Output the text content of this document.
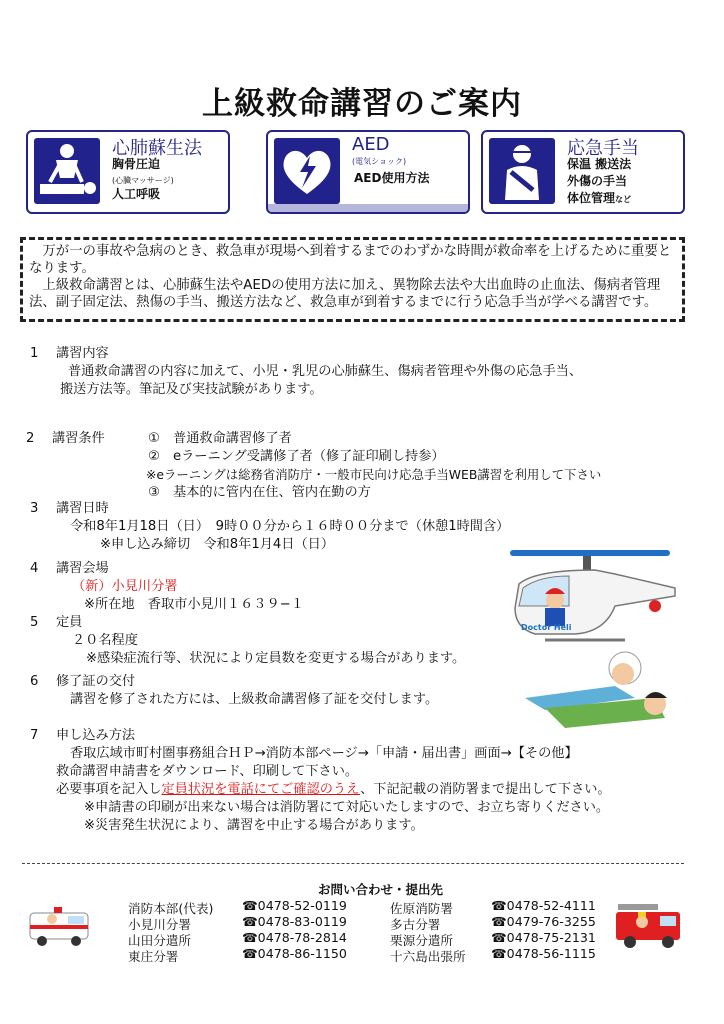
上級救命講習のご案内
心肺蘇生法
胸骨圧迫
(心臓マッサージ)
人工呼吸
AED
(電気ショック)
AED使用方法
応急手当
保温 搬送法
外傷の手当
体位管理など

万が一の事故や急病のとき、救急車が現場へ到着するまでのわずかな時間が救命率を上げるために重要となります。

上級救命講習とは、心肺蘇生法やAEDの使用方法に加え、異物除去法や大出血時の止血法、傷病者管理法、副子固定法、熱傷の手当、搬送方法など、救急車が到着するまでに行う応急手当が学べる講習です。

1 講習内容
普通救命講習の内容に加えて、小児・乳児の心肺蘇生、傷病者管理や外傷の応急手当、
搬送方法等。筆記及び実技試験があります。
2 講習条件	①　普通救命講習修了者
②　eラーニング受講修了者（修了証印刷し持参）
※eラーニングは総務省消防庁・一般市民向け応急手当WEB講習を利用して下さい
③　基本的に管内在住、管内在勤の方
3 講習日時
令和8年1月18日（日）　9時００分から１６時００分まで（休憩1時間含）
※申し込み締切　令和8年1月4日（日）
4 講習会場
（新）小見川分署
※所在地　香取市小見川１６３９−１
5 定員
２０名程度
※感染症流行等、状況により定員数を変更する場合があります。
6 修了証の交付
講習を修了された方には、上級救命講習修了証を交付します。
Doctor Heli
7 申し込み方法
香取広域市町村圏事務組合ＨＰ→消防本部ページ→「申請・届出書」画面→【その他】
救命講習申請書をダウンロード、印刷して下さい。
必要事項を記入し定員状況を電話にてご確認のうえ、下記記載の消防署まで提出して下さい。
※申請書の印刷が出来ない場合は消防署にて対応いたしますので、お立ち寄りください。
※災害発生状況により、講習を中止する場合があります。
お問い合わせ・提出先
消防本部(代表) ☎0478-52-0119
小見川分署	☎0478-83-0119
山田分遣所	☎0478-78-2814
東庄分署	☎0478-86-1150
佐原消防署	☎0478-52-4111
多古分署	☎0479-76-3255
栗源分遣所	☎0478-75-2131
十六島出張所 ☎0478-56-1115
